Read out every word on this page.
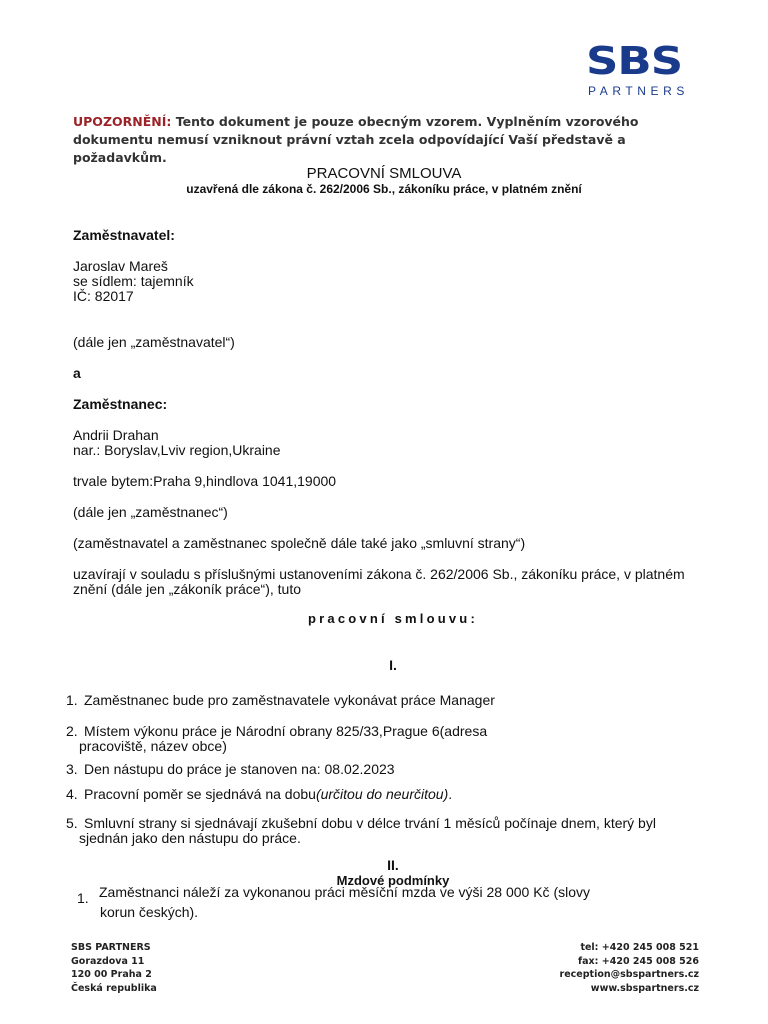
SBS
PARTNERS
UPOZORNĚNÍ: Tento dokument je pouze obecným vzorem. Vyplněním vzorového dokumentu nemusí vzniknout právní vztah zcela odpovídající Vaší představě a požadavkům.
PRACOVNÍ SMLOUVA
uzavřená dle zákona č. 262/2006 Sb., zákoníku práce, v platném znění
Zaměstnavatel:
Jaroslav Mareš
se sídlem: tajemník
IČ: 82017
(dále jen „zaměstnavatel“)
a
Zaměstnanec:
Andrii Drahan
nar.: Boryslav,Lviv region,Ukraine
trvale bytem:Praha 9,hindlova 1041,19000
(dále jen „zaměstnanec“)
(zaměstnavatel a zaměstnanec společně dále také jako „smluvní strany“)
uzavírají v souladu s příslušnými ustanoveními zákona č. 262/2006 Sb., zákoníku práce, v platném
znění (dále jen „zákoník práce“), tuto
pracovní smlouvu:
I.
1. Zaměstnanec bude pro zaměstnavatele vykonávat práce Manager
2. Místem výkonu práce je Národní obrany 825/33,Prague 6(adresa
pracoviště, název obce)
3. Den nástupu do práce je stanoven na: 08.02.2023
4. Pracovní poměr se sjednává na dobu(určitou do neurčitou).
5. Smluvní strany si sjednávají zkušební dobu v délce trvání 1 měsíců počínaje dnem, který byl
sjednán jako den nástupu do práce.
II.
Mzdové podmínky
1. Zaměstnanci náleží za vykonanou práci měsíční mzda ve výši 28 000 Kč (slovy
korun českých).
SBS PARTNERS
Gorazdova 11
120 00 Praha 2
Česká republika
tel: +420 245 008 521
fax: +420 245 008 526
reception@sbspartners.cz
www.sbspartners.cz
